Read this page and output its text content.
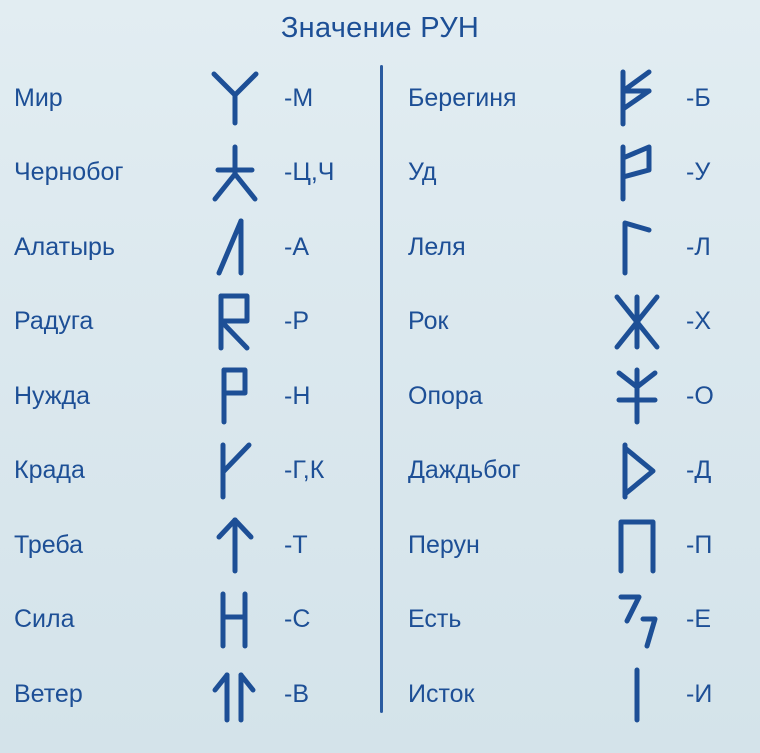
Значение РУН
Мир	-М
Чернобог	-Ц,Ч
Алатырь	-А
Радуга	-Р
Нужда	-Н
Крада	-Г,К
Треба	-Т
Сила	-С
Ветер	-В
Берегиня	-Б
Уд	-У
Леля	-Л
Рок	-Х
Опора	-О
Даждьбог	-Д
Перун	-П
Есть	-Е
Исток	-И
